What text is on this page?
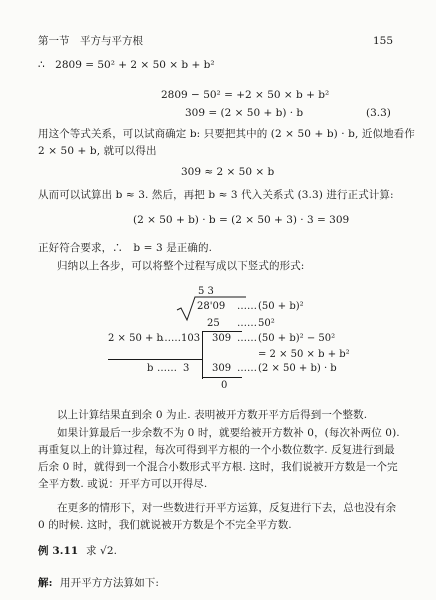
第一节　平方与平方根	155
∴　2809 = 50² + 2 × 50 × b + b²
2809 − 50² = +2 × 50 × b + b²
309 = (2 × 50 + b) · b	(3.3)
用这个等式关系，可以试商确定 b: 只要把其中的 (2 × 50 + b) · b, 近似地看作
2 × 50 + b, 就可以得出
309 ≈ 2 × 50 × b
从而可以试算出 b ≈ 3. 然后，再把 b ≈ 3 代入关系式 (3.3) 进行正式计算:
(2 × 50 + b) · b = (2 × 50 + 3) · 3 = 309
正好符合要求，∴　b = 3 是正确的.
归纳以上各步，可以将整个过程写成以下竖式的形式:
5 3
28'09 …… (50 + b)²
25 …… 50²
2 × 50 + b
……103 309 …… (50 + b)² − 50²
= 2 × 50 × b + b²
b …… 3 309 …… (2 × 50 + b) · b
0
以上计算结果直到余 0 为止. 表明被开方数开平方后得到一个整数.
如果计算最后一步余数不为 0 时，就要给被开方数补 0，(每次补两位 0).
再重复以上的计算过程，每次可得到平方根的一个小数位数字. 反复进行到最
后余 0 时，就得到一个混合小数形式平方根. 这时，我们说被开方数是一个完
全平方数. 或说：开平方可以开得尽.
在更多的情形下，对一些数进行开平方运算，反复进行下去，总也没有余
0 的时候. 这时，我们就说被开方数是个不完全平方数.
例 3.11 求 √2.
解: 用开平方方法算如下:
